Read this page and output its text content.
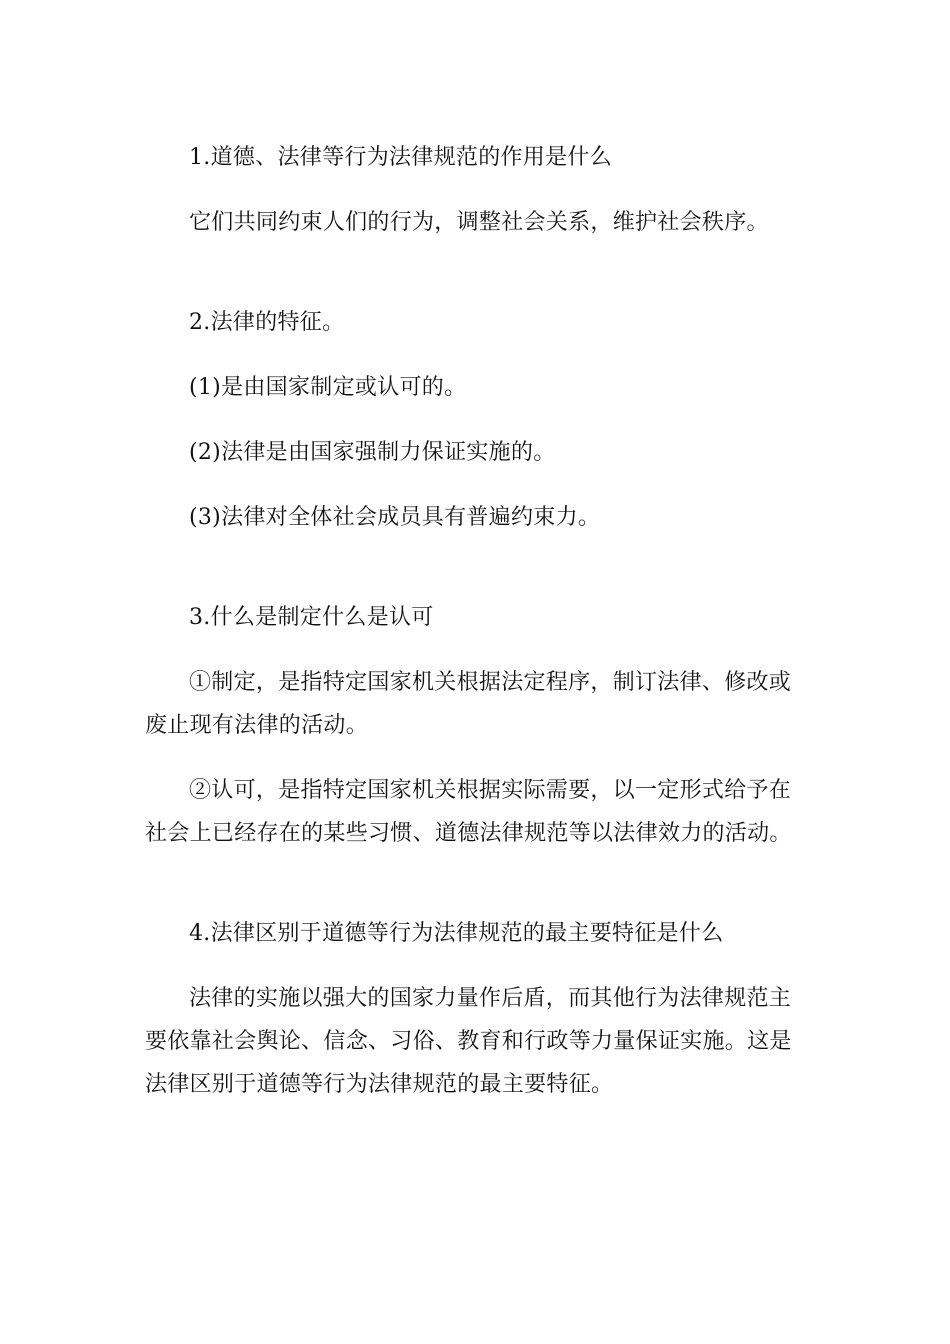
1.道德、法律等行为法律规范的作用是什么

它们共同约束人们的行为，调整社会关系，维护社会秩序。

2.法律的特征。

(1)是由国家制定或认可的。

(2)法律是由国家强制力保证实施的。

(3)法律对全体社会成员具有普遍约束力。

3.什么是制定什么是认可

①制定，是指特定国家机关根据法定程序，制订法律、修改或废止现有法律的活动。

②认可，是指特定国家机关根据实际需要，以一定形式给予在社会上已经存在的某些习惯、道德法律规范等以法律效力的活动。

4.法律区别于道德等行为法律规范的最主要特征是什么

法律的实施以强大的国家力量作后盾，而其他行为法律规范主要依靠社会舆论、信念、习俗、教育和行政等力量保证实施。这是法律区别于道德等行为法律规范的最主要特征。
